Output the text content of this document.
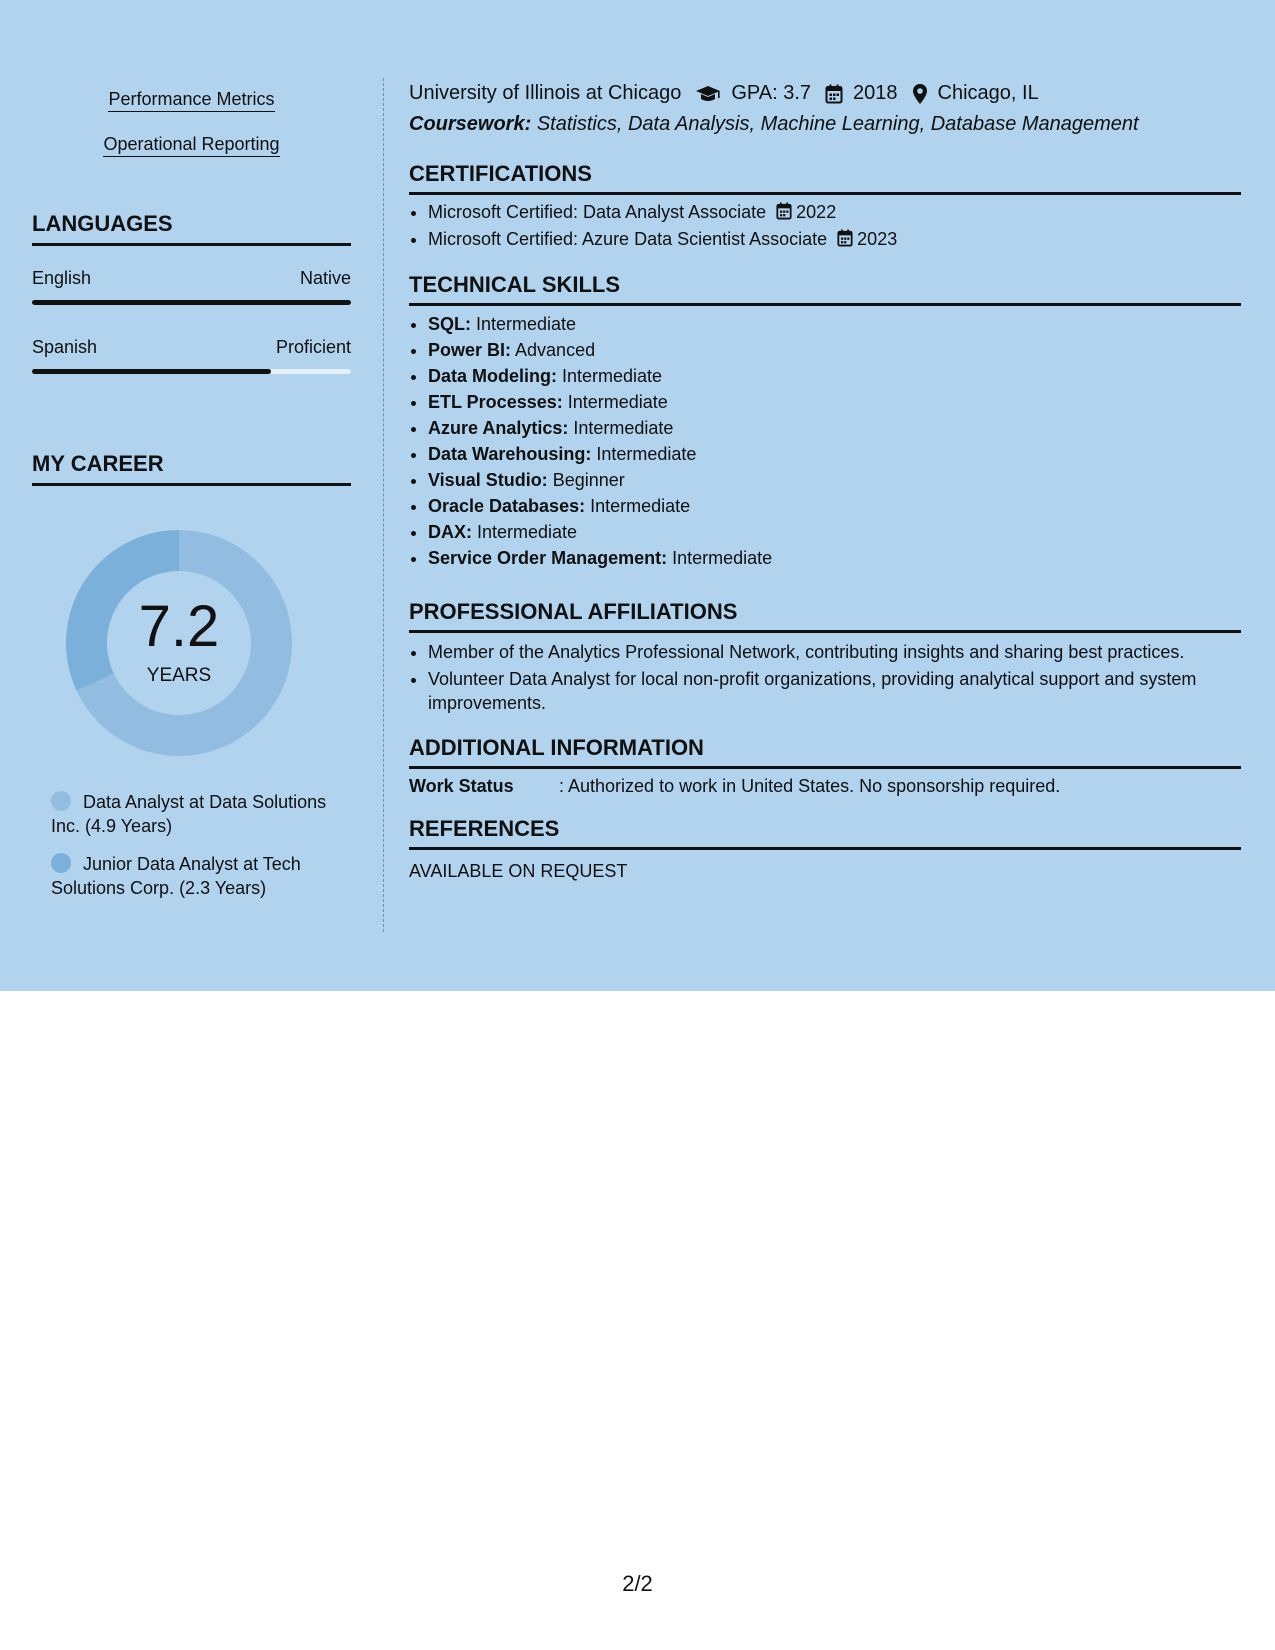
Performance Metrics
Operational Reporting
LANGUAGES
English	Native
Spanish	Proficient
MY CAREER
7.2
YEARS
Data Analyst at Data Solutions Inc. (4.9 Years)
Junior Data Analyst at Tech Solutions Corp. (2.3 Years)
University of Illinois at Chicago	GPA: 3.7 2018 Chicago, IL
Coursework: Statistics, Data Analysis, Machine Learning, Database Management
CERTIFICATIONS
• Microsoft Certified: Data Analyst Associate 2022
• Microsoft Certified: Azure Data Scientist Associate 2023
TECHNICAL SKILLS
• SQL: Intermediate
• Power BI: Advanced
• Data Modeling: Intermediate
• ETL Processes: Intermediate
• Azure Analytics: Intermediate
• Data Warehousing: Intermediate
• Visual Studio: Beginner
• Oracle Databases: Intermediate
• DAX: Intermediate
• Service Order Management: Intermediate
PROFESSIONAL AFFILIATIONS
• Member of the Analytics Professional Network, contributing insights and sharing best practices.
• Volunteer Data Analyst for local non-profit organizations, providing analytical support and system improvements.
ADDITIONAL INFORMATION
Work Status	: Authorized to work in United States. No sponsorship required.
REFERENCES
AVAILABLE ON REQUEST
2/2
